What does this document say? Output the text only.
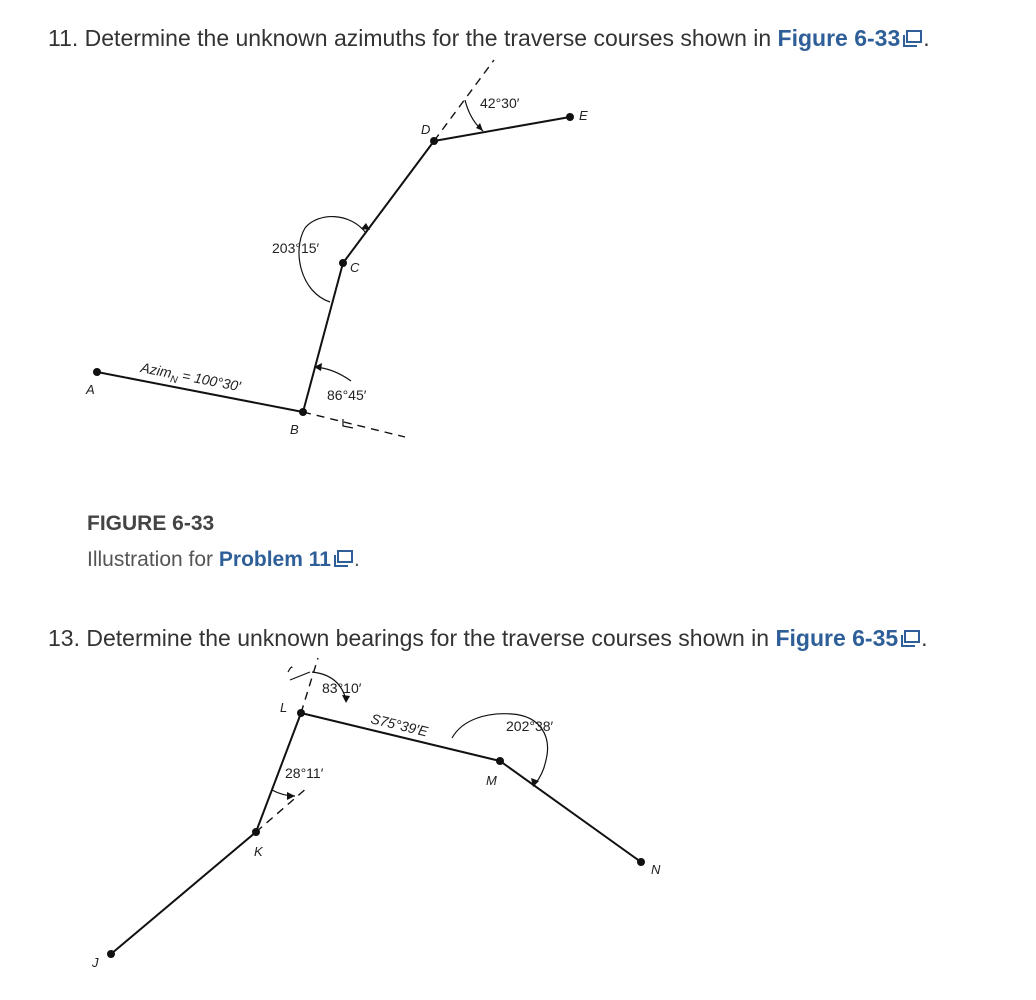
11. Determine the unknown azimuths for the traverse courses shown in Figure 6-33 .
A
B
C
D
E
42°30′
203°15′
86°45′
Azim$_N$ = 100°30′
FIGURE 6-33
Illustration for Problem 11 .
13. Determine the unknown bearings for the traverse courses shown in Figure 6-35 .
J
K
L
M
N
83°10′
S75°39′E	202°38′
28°11′
